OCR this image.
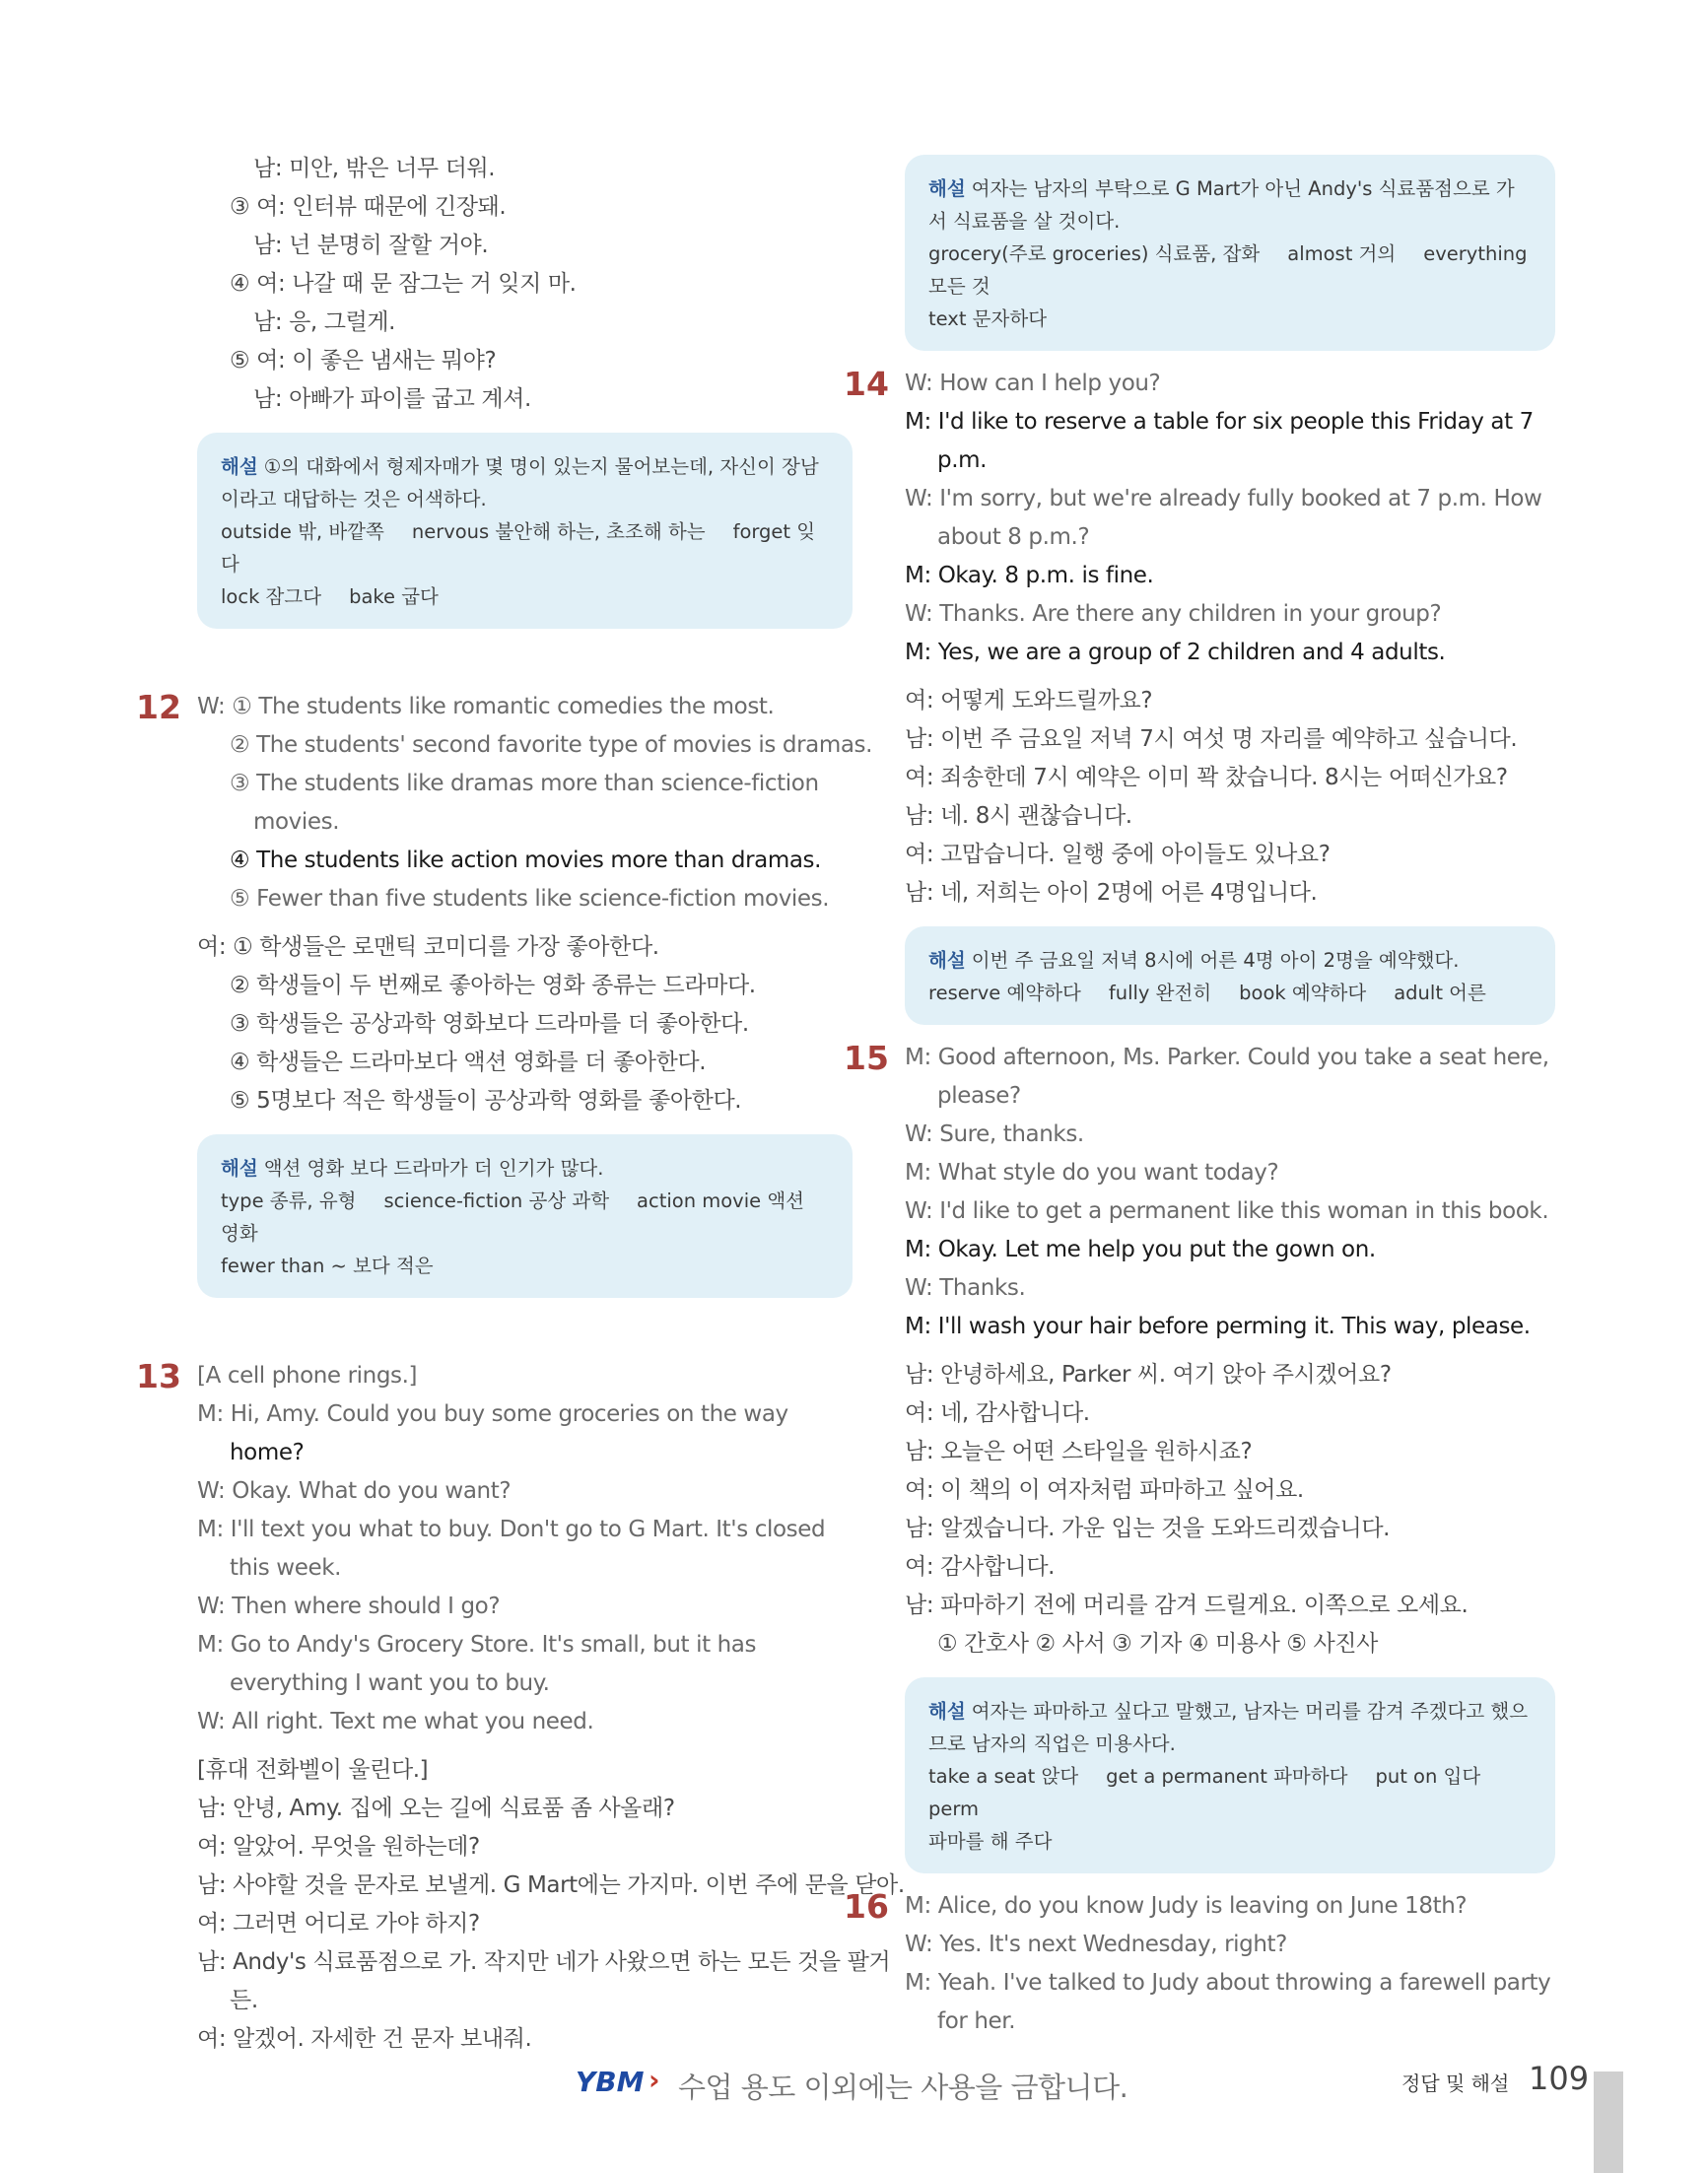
남: 미안, 밖은 너무 더워.
③ 여: 인터뷰 때문에 긴장돼.
남: 넌 분명히 잘할 거야.
④ 여: 나갈 때 문 잠그는 거 잊지 마.
남: 응, 그럴게.
⑤ 여: 이 좋은 냄새는 뭐야?
남: 아빠가 파이를 굽고 계셔.
해설 ①의 대화에서 형제자매가 몇 명이 있는지 물어보는데, 자신이 장남이라고 대답하는 것은 어색하다.
outside 밖, 바깥쪽 nervous 불안해 하는, 초조해 하는 forget 잊다
lock 잠그다 bake 굽다
12 W: ① The students like romantic comedies the most.
② The students' second favorite type of movies is dramas.
③ The students like dramas more than science-fiction
movies.
④ The students like action movies more than dramas.
⑤ Fewer than five students like science-fiction movies.
여: ① 학생들은 로맨틱 코미디를 가장 좋아한다.
② 학생들이 두 번째로 좋아하는 영화 종류는 드라마다.
③ 학생들은 공상과학 영화보다 드라마를 더 좋아한다.
④ 학생들은 드라마보다 액션 영화를 더 좋아한다.
⑤ 5명보다 적은 학생들이 공상과학 영화를 좋아한다.
해설 액션 영화 보다 드라마가 더 인기가 많다.
type 종류, 유형 science-fiction 공상 과학 action movie 액션 영화
fewer than ~ 보다 적은
13 [A cell phone rings.]
M: Hi, Amy. Could you buy some groceries on the way
home?
W: Okay. What do you want?
M: I'll text you what to buy. Don't go to G Mart. It's closed
this week.
W: Then where should I go?
M: Go to Andy's Grocery Store. It's small, but it has
everything I want you to buy.
W: All right. Text me what you need.
[휴대 전화벨이 울린다.]
남: 안녕, Amy. 집에 오는 길에 식료품 좀 사올래?
여: 알았어. 무엇을 원하는데?
남: 사야할 것을 문자로 보낼게. G Mart에는 가지마. 이번 주에 문을 닫아.
여: 그러면 어디로 가야 하지?
남: Andy's 식료품점으로 가. 작지만 네가 사왔으면 하는 모든 것을 팔거
든.
여: 알겠어. 자세한 건 문자 보내줘.
해설 여자는 남자의 부탁으로 G Mart가 아닌 Andy's 식료품점으로 가서 식료품을 살 것이다.
grocery(주로 groceries) 식료품, 잡화 almost 거의 everything 모든 것
text 문자하다
14 W: How can I help you?
M: I'd like to reserve a table for six people this Friday at 7
p.m.
W: I'm sorry, but we're already fully booked at 7 p.m. How
about 8 p.m.?
M: Okay. 8 p.m. is fine.
W: Thanks. Are there any children in your group?
M: Yes, we are a group of 2 children and 4 adults.
여: 어떻게 도와드릴까요?
남: 이번 주 금요일 저녁 7시 여섯 명 자리를 예약하고 싶습니다.
여: 죄송한데 7시 예약은 이미 꽉 찼습니다. 8시는 어떠신가요?
남: 네. 8시 괜찮습니다.
여: 고맙습니다. 일행 중에 아이들도 있나요?
남: 네, 저희는 아이 2명에 어른 4명입니다.
해설 이번 주 금요일 저녁 8시에 어른 4명 아이 2명을 예약했다.
reserve 예약하다 fully 완전히 book 예약하다 adult 어른
15 M: Good afternoon, Ms. Parker. Could you take a seat here,
please?
W: Sure, thanks.
M: What style do you want today?
W: I'd like to get a permanent like this woman in this book.
M: Okay. Let me help you put the gown on.
W: Thanks.
M: I'll wash your hair before perming it. This way, please.
남: 안녕하세요, Parker 씨. 여기 앉아 주시겠어요?
여: 네, 감사합니다.
남: 오늘은 어떤 스타일을 원하시죠?
여: 이 책의 이 여자처럼 파마하고 싶어요.
남: 알겠습니다. 가운 입는 것을 도와드리겠습니다.
여: 감사합니다.
남: 파마하기 전에 머리를 감겨 드릴게요. 이쪽으로 오세요.
① 간호사 ② 사서 ③ 기자 ④ 미용사 ⑤ 사진사
해설 여자는 파마하고 싶다고 말했고, 남자는 머리를 감겨 주겠다고 했으므로 남자의 직업은 미용사다.
take a seat 앉다 get a permanent 파마하다 put on 입다perm
파마를 해 주다
16 M: Alice, do you know Judy is leaving on June 18th?
W: Yes. It's next Wednesday, right?
M: Yeah. I've talked to Judy about throwing a farewell party
for her.
YBM › 수업 용도 이외에는 사용을 금합니다.	정답 및 해설 109
